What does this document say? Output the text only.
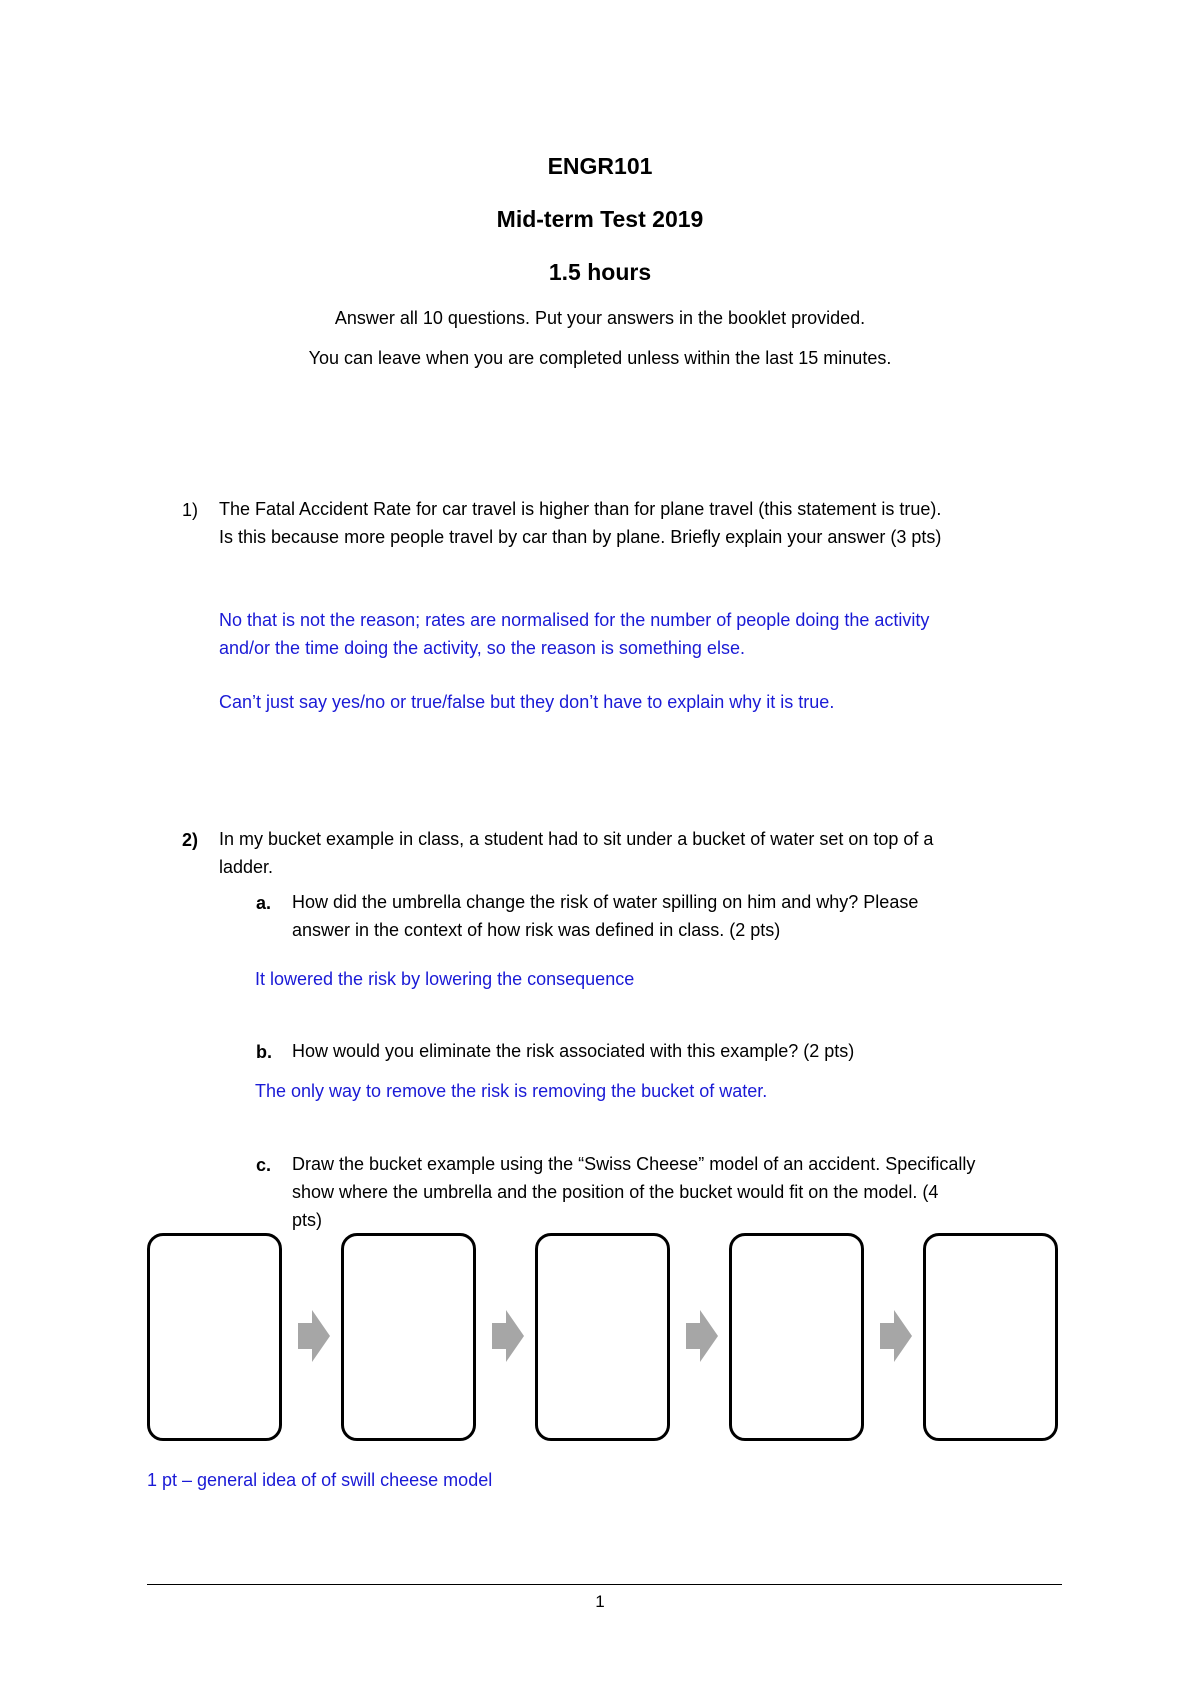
ENGR101
Mid-term Test 2019
1.5 hours
Answer all 10 questions. Put your answers in the booklet provided.
You can leave when you are completed unless within the last 15 minutes.
1) The Fatal Accident Rate for car travel is higher than for plane travel (this statement is true).
Is this because more people travel by car than by plane. Briefly explain your answer (3 pts)
No that is not the reason; rates are normalised for the number of people doing the activity
and/or the time doing the activity, so the reason is something else.
Can’t just say yes/no or true/false but they don’t have to explain why it is true.
2) In my bucket example in class, a student had to sit under a bucket of water set on top of a
ladder.
a. How did the umbrella change the risk of water spilling on him and why? Please
answer in the context of how risk was defined in class. (2 pts)
It lowered the risk by lowering the consequence
b. How would you eliminate the risk associated with this example? (2 pts)
The only way to remove the risk is removing the bucket of water.
c. Draw the bucket example using the “Swiss Cheese” model of an accident. Specifically
show where the umbrella and the position of the bucket would fit on the model. (4
pts)
1 pt – general idea of of swill cheese model
1
